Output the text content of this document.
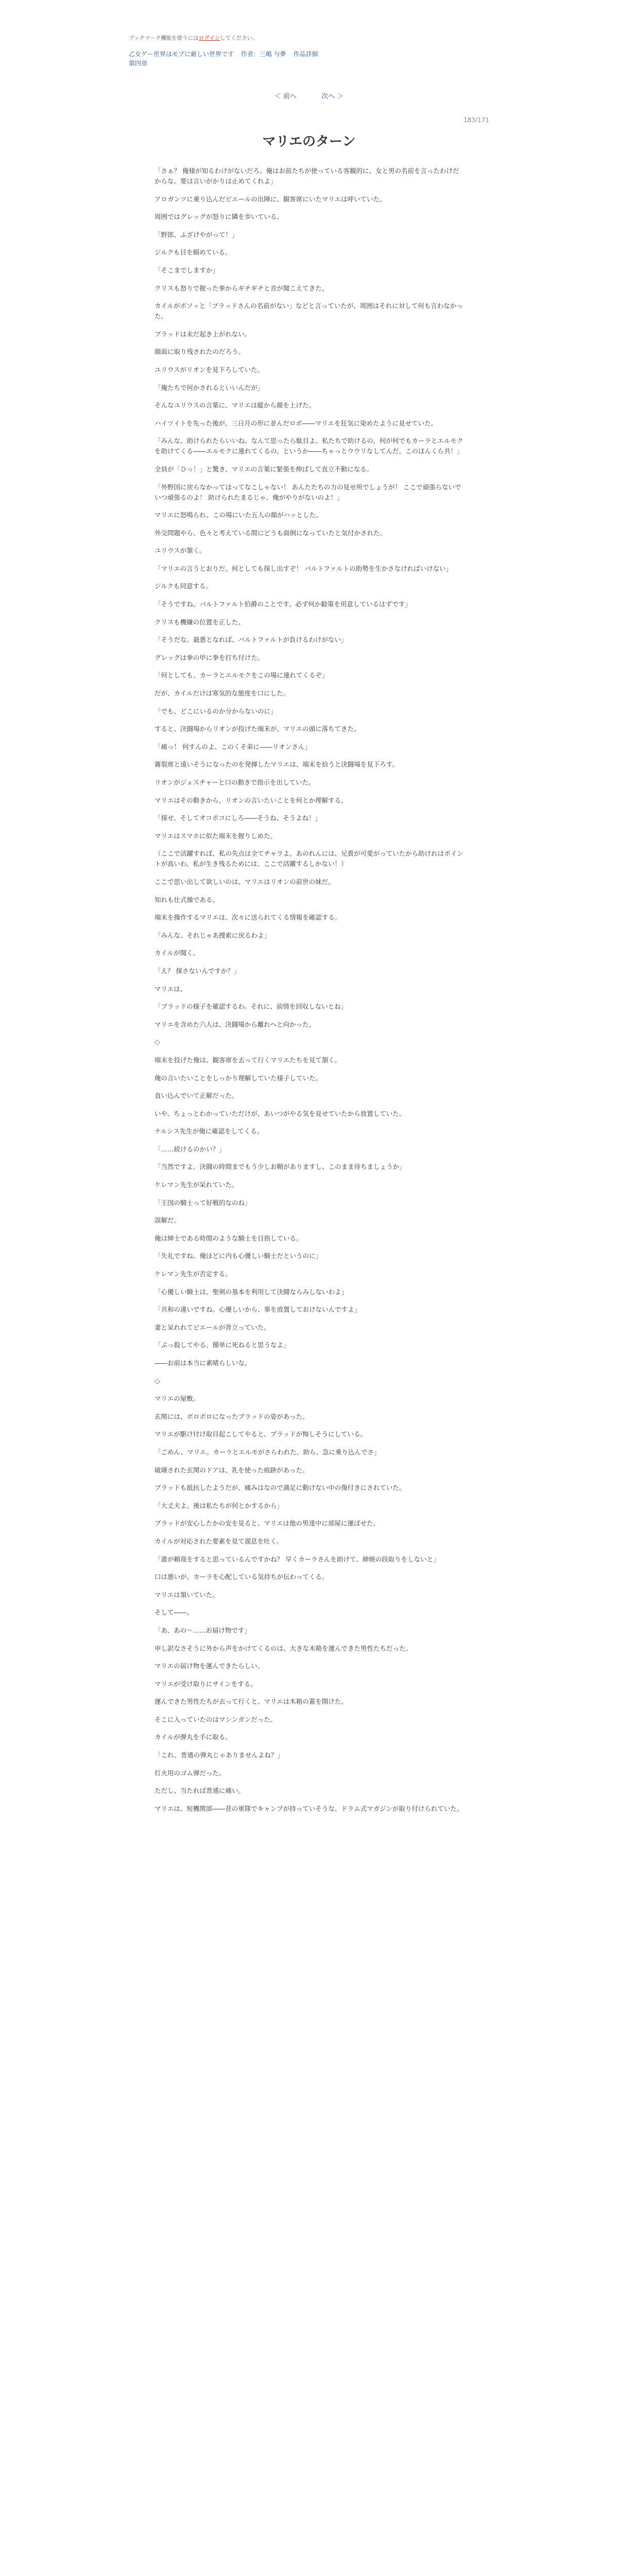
ブックマーク機能を使うにはログインしてください。
乙女ゲー世界はモブに厳しい世界です 作者：三嶋 与夢 作品詳細
第四章
＜ 前へ	次へ ＞
183/171
マリエのターン

「さぁ？ 俺様が知るわけがないだろ。俺はお前たちが使っている客観的に、女と男の名前を言ったわけだからな。要は言いがかりは止めてくれよ」

アロガンツに乗り込んだビエールの出陣に、観客席にいたマリエは呼いていた。

周囲ではグレッグが怒りに隣を歩いている。

「野郎、ふざけやがって！」

ジルクも目を細めている。

「そこまでしますか」

クリスも怒りで握った拳からギチギチと音が聞こえてきた。

カイルがボソッと「ブラッドさんの名前がない」などと言っていたが、周囲はそれに対して何も言わなかった。

ブラッドは未だ起き上がれない。

顔面に取り残されたのだろう。

ユリウスがリオンを見下ろしていた。

「俺たちで何かされるといいんだが」

そんなユリウスの言葉に、マリエは縦から顔を上げた。

ハイツイトを先った後が、三日月の形に並んだロボ――マリエを狂気に染めたように見せていた。

「みんな、助けられたらいいね。なんて思ったら駄目よ。私たちで助けるの。何が何でもカーラとエルモクを助けてくる――エルモクに連れてくるの。というか――ちゃっとウウリなしてんだ。このほんくら共！」

全員が「ひっ！」と驚き、マリエの言葉に緊張を伸ばして直立不動になる。

「外野国に戻らなかってほってなこしゃない！ あんたたちの力の見せ所でしょうが！ ここで頑張らないでいつ頑張るのよ！ 助けられたまるじゃ、俺がやりがないのよ！」

マリエに怒鳴られ、この場にいた五人の顔がハッとした。

外交問題やら、色々と考えている間にどうも面倒になっていたと気付かされた。

ユリウスが頷く。

「マリエの言うとおりだ。何としても探し出すぞ！ バルトファルトの助勢を生かさなければいけない」

ジルクも同意する。

「そうですね。バルトファルト伯爵のことです。必ず何か勧策を用意しているはずです」

クリスも機嫌の位置を正した。

「そうだな。最悪となれば、バルトファルトが負けるわけがない」

グレッグは拳の甲に拳を打ち付けた。

「何としても、カーラとエルモクをこの場に連れてくるぞ」

だが、カイルだけは寒気的な態度を口にした。

「でも、どこにいるのか分からないのに」

すると、決闘場からリオンが投げた端末が、マリエの頭に落ちてきた。

「痛っ！ 何すんのよ、このくそ弟に――リオンさん」

霧裂席と遠いそうになったのを発揮したマリエは、端末を拾うと決闘場を見下ろす。

リオンがジェスチャーと口の動きで指示を出していた。

マリエはその動きから、リオンの言いたいことを何とか理解する。

「探せ、そしてオコポコにしろ――そうね、そうよね！」

マリエはスマホに似た端末を握りしめた。

（ここで活躍すれば、私の失点は全てチャラよ。あのれんには、兄貴が可愛がっていたから助けれはポイントが高いわ。私が生き残るためには、ここで活躍するしかない！）

ここで思い出して欲しいのは、マリエはリオンの前世の妹だ。

知れも仕式操である。

端末を操作するマリエは、次々に送られてくる情報を確認する。

「みんな、それじゃあ捜索に戻るわよ」

カイルが聞く。

「え？ 探さないんですか？」

マリエは、

「ブラッドの様子を確認するわ。それに、前情を回収しないとね」

マリエを含めた六人は、決闘場から離れへと向かった。

◇

端末を投げた俺は、観客席を去って行くマリエたちを見て頷く。

俺の言いたいことをしっかり理解していた様子していた。

直い込んでいて正解だった。

いや、ちょっとわかっていただけが、あいつがやる気を見せていたから放置していた。

ナルシス先生が俺に確認をしてくる。

「……続けるのかい？」

「当然ですよ。決闘の時間までもう少しお鞘がありますし、このまま待ちましょうか」

ケレマン先生が呆れていた。

「王国の騎士って好戦的なのね」

誤解だ。

俺は紳士である時間のような騎士を目指している。

「失礼ですね。俺ほどに内も心優しい騎士だというのに」

ケレマン先生が否定する。

「心優しい騎士は、聖剣の基本を利用して決闘ならみしないわよ」

「共和の違いですね。心優しいから、事を放置しておけないんですよ」

妻と呆れれてビエールが背立っていた。

「ぶっ殺してやる。簡単に死ねると思うなよ」

――お前は本当に素晴らしいな。

◇

マリエの屋敷。

玄関には、ボロボロになったブラッドの姿があった。

マリエが駆け付け取目起こしてやると、ブラッドが悔しそうにしている。

「ごめん、マリエ。カーラとエルモがさらわれた。助ら、急に乗り込んでさ」

破壊された玄関のドアは、乳を使った痕跡があった。

ブラッドも抵抗したようだが、痛みはなので満足に動けない中の傷付きにされていた。

「大丈夫よ。後は私たちが何とかするから」

ブラッドが安心したかの安を見ると、マリエは他の男達中に部屋に運ばせた。

カイルが対応された要素を見て溜息を吐く。

「誰が頼哉をすると思っているんですかね？ 早くカーラさんを助けて、締焼の段取りをしないと」

口は悪いが、カーラを心配している気持ちが伝わってくる。

マリエは頷いていた。

そして――。

「あ、あの～……お届け物です」

申し訳なさそうに外から声をかけてくるのは、大きな木箱を運んできた男性たちだった。

マリエの届け物を運んできたらしい。

マリエが受け取りにサインをする。

運んできた男性たちが去って行くと、マリエは木箱の蓋を開けた。

そこに入っていたのはマシンガンだった。

カイルが弾丸を手に取る。

「これ、普通の弾丸じゃありませんよね？」

灯火用のゴム弾だった。

ただし、当たれば普通に痛い。

マリエは、短機関部――昔の軍隊でキャンプが持っていそうな、ドラム式マガジンが取り付けられていた。
